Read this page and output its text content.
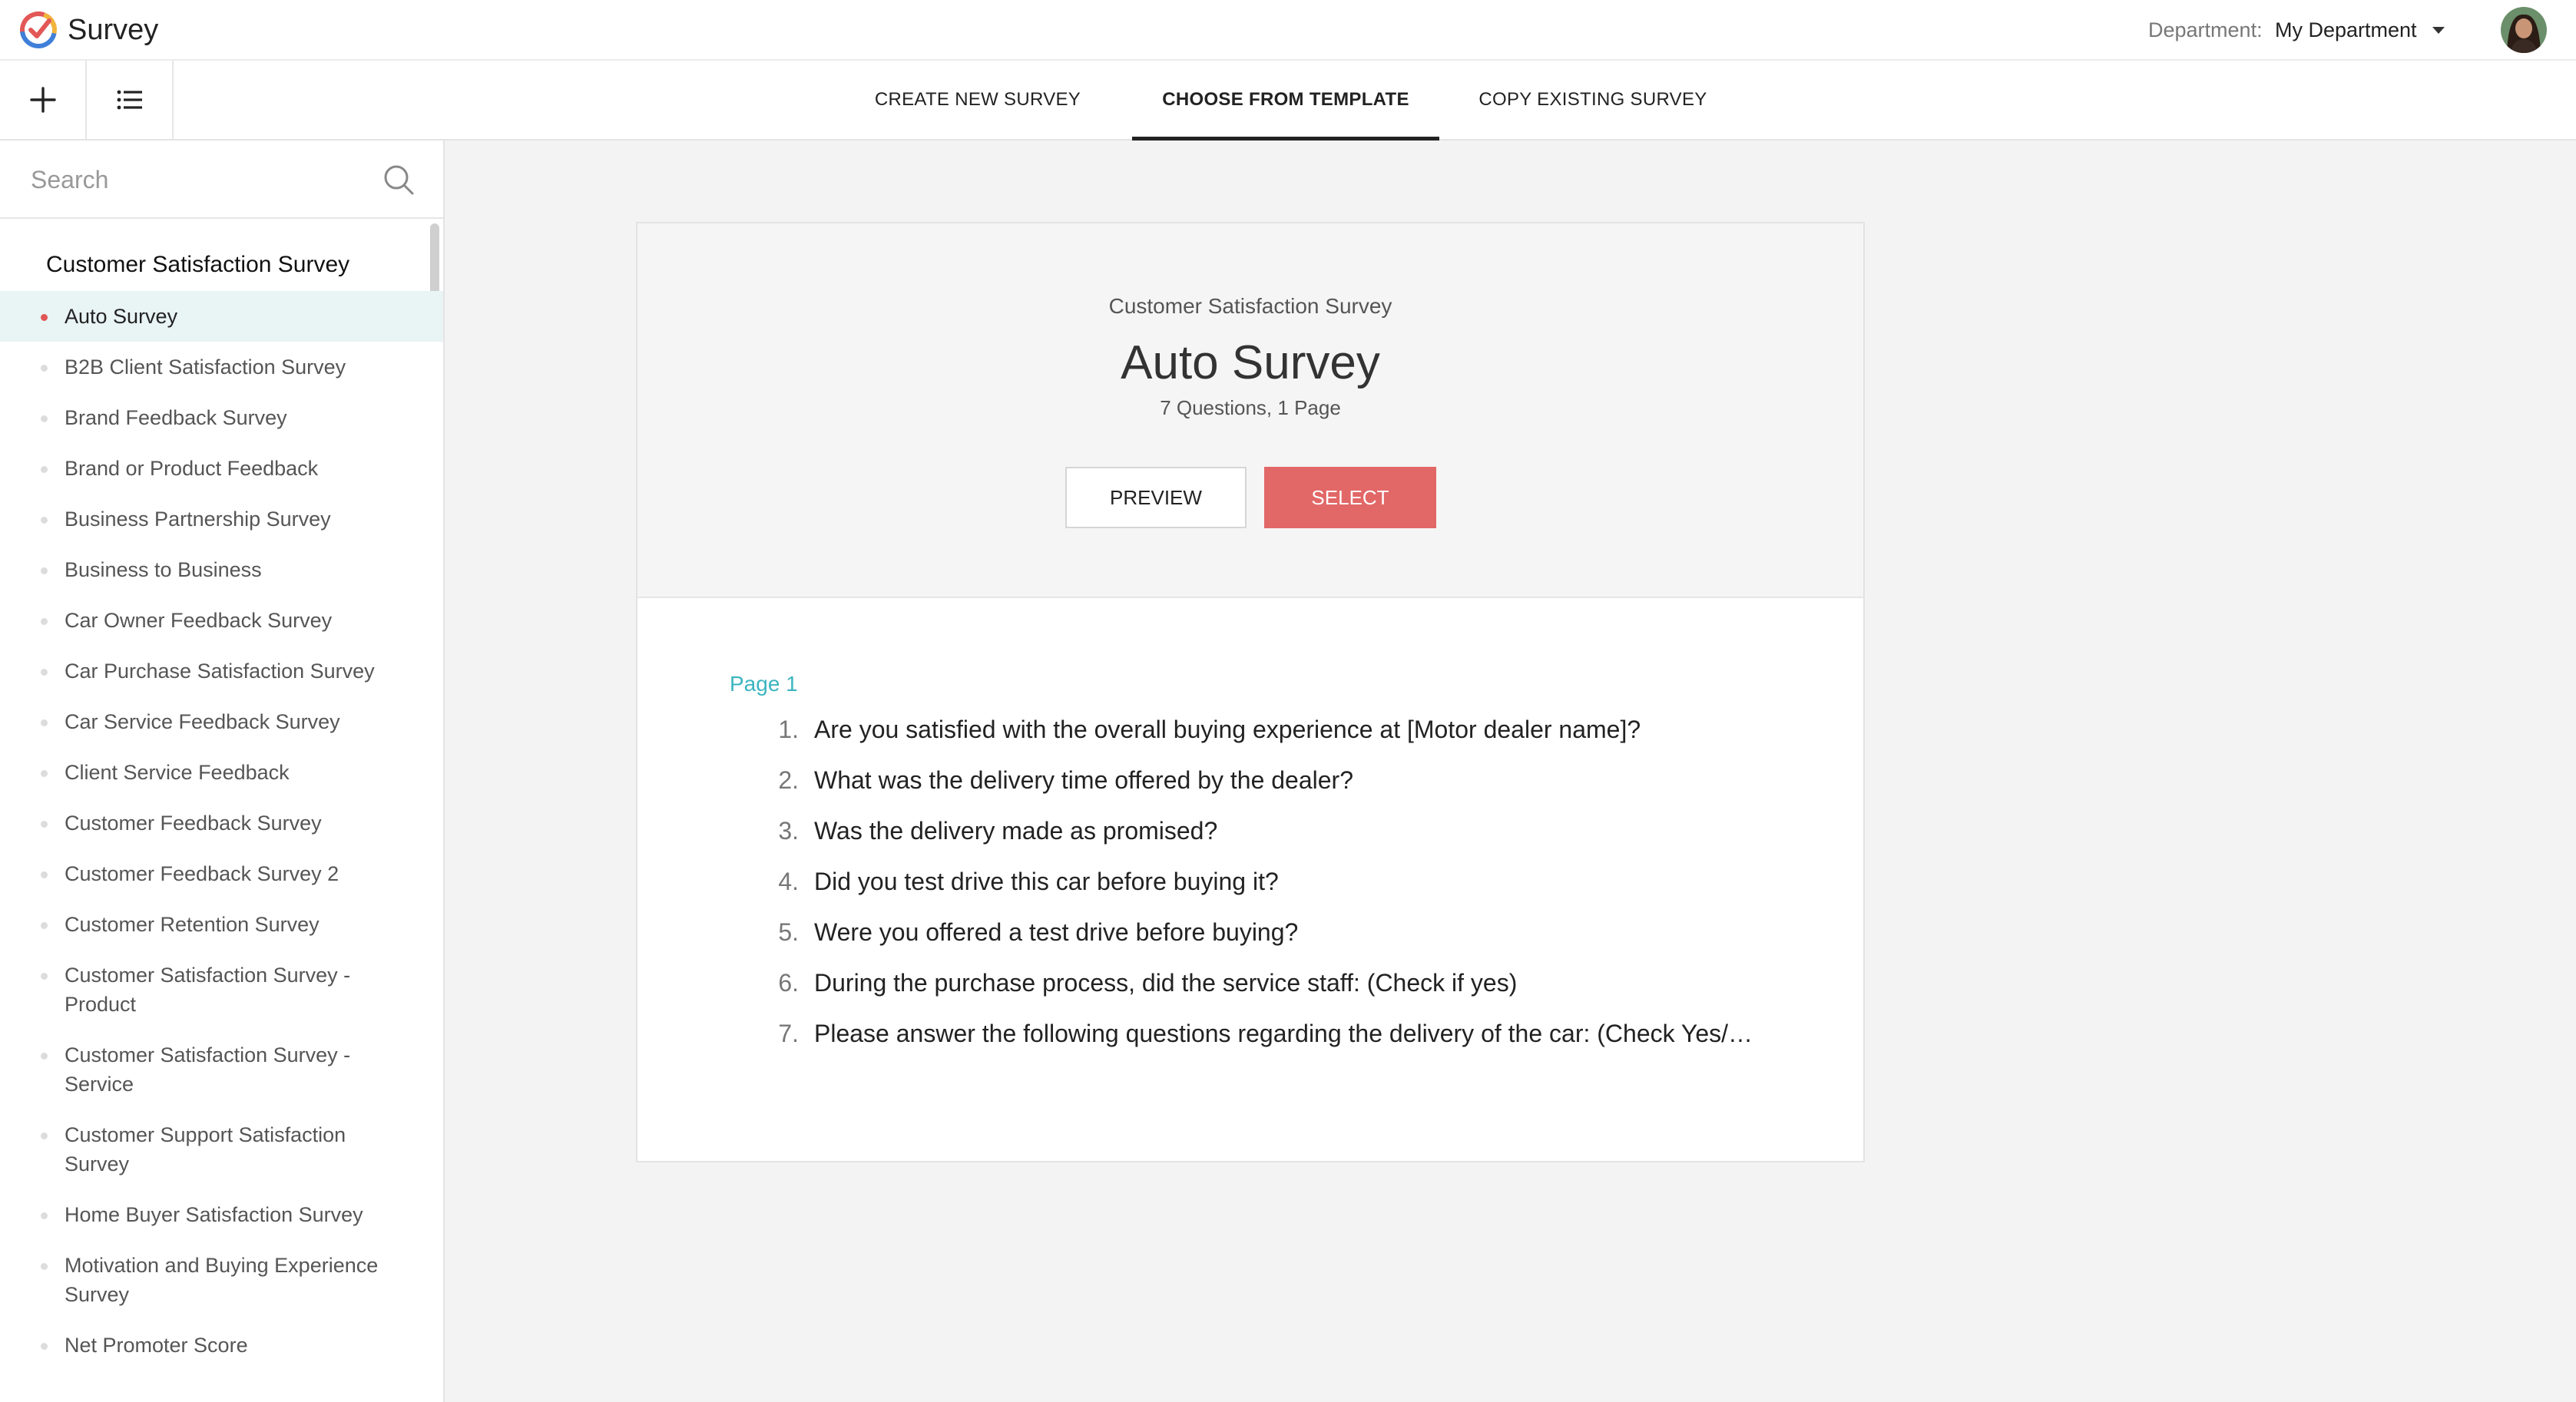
Survey	Department: My Department
CREATE NEW SURVEY	CHOOSE FROM TEMPLATE	COPY EXISTING SURVEY
Search
Customer Satisfaction Survey
Auto Survey
B2B Client Satisfaction Survey
Brand Feedback Survey
Brand or Product Feedback
Business Partnership Survey
Business to Business
Car Owner Feedback Survey
Car Purchase Satisfaction Survey
Car Service Feedback Survey
Client Service Feedback
Customer Feedback Survey
Customer Feedback Survey 2
Customer Retention Survey
Customer Satisfaction Survey - Product
Customer Satisfaction Survey - Service
Customer Support Satisfaction Survey
Home Buyer Satisfaction Survey
Motivation and Buying Experience Survey
Net Promoter Score
Customer Satisfaction Survey
Auto Survey
7 Questions, 1 Page
PREVIEW	SELECT
Page 1
1. Are you satisfied with the overall buying experience at [Motor dealer name]?
2. What was the delivery time offered by the dealer?
3. Was the delivery made as promised?
4. Did you test drive this car before buying it?
5. Were you offered a test drive before buying?
6. During the purchase process, did the service staff: (Check if yes)
7. Please answer the following questions regarding the delivery of the car: (Check Yes/…
